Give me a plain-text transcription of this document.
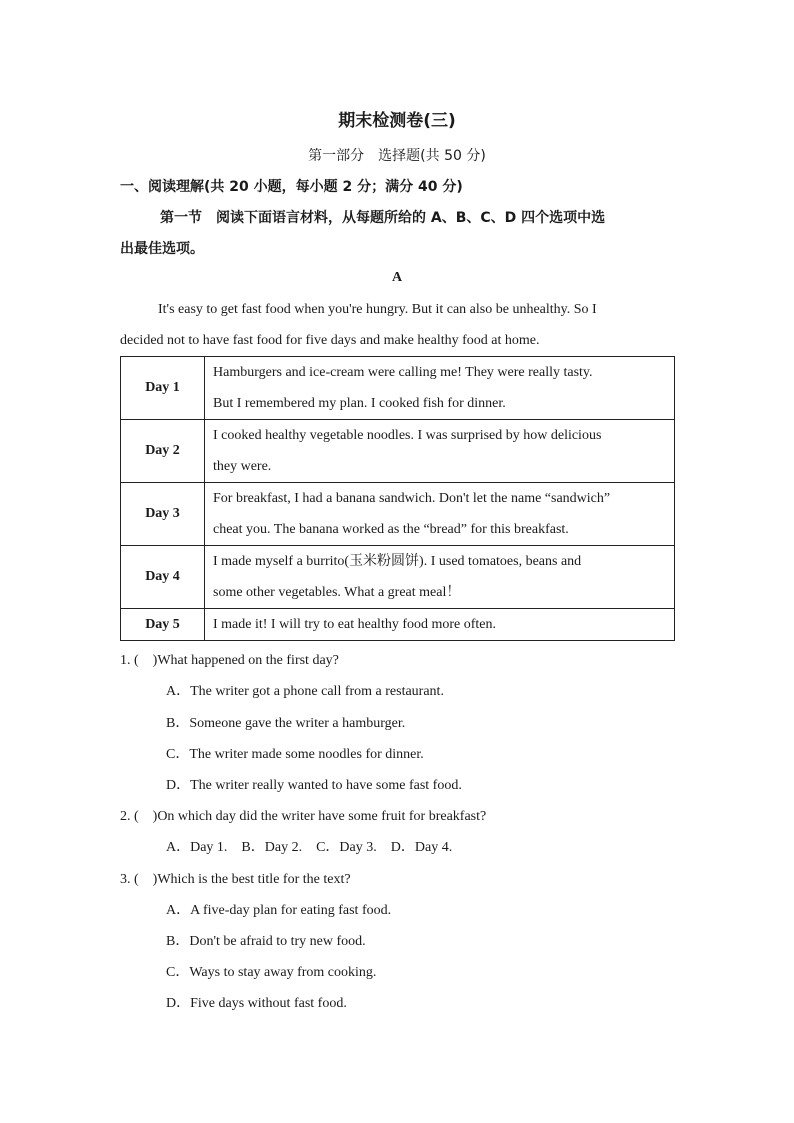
期末检测卷(三)
第一部分　选择题(共 50 分)
一、阅读理解(共 20 小题，每小题 2 分；满分 40 分)
第一节　阅读下面语言材料，从每题所给的 A、B、C、D 四个选项中选
出最佳选项。
A
It's easy to get fast food when you're hungry. But it can also be unhealthy. So I
decided not to have fast food for five days and make healthy food at home.
Day 1	Hamburgers and ice-cream were calling me! They were really tasty.
But I remembered my plan. I cooked fish for dinner.

Day 2	I cooked healthy vegetable noodles. I was surprised by how delicious
they were.

Day 3	For breakfast, I had a banana sandwich. Don't let the name “sandwich”
cheat you. The banana worked as the “bread” for this breakfast.

Day 4	I made myself a burrito(玉米粉圆饼). I used tomatoes, beans and
some other vegetables. What a great meal！

Day 5	I made it! I will try to eat healthy food more often.
1. (　)What happened on the first day?
A．The writer got a phone call from a restaurant.
B．Someone gave the writer a hamburger.
C．The writer made some noodles for dinner.
D．The writer really wanted to have some fast food.
2. (　)On which day did the writer have some fruit for breakfast?
A．Day 1.　B．Day 2.　C．Day 3.　D．Day 4.
3. (　)Which is the best title for the text?
A．A five-day plan for eating fast food.
B．Don't be afraid to try new food.
C．Ways to stay away from cooking.
D．Five days without fast food.
